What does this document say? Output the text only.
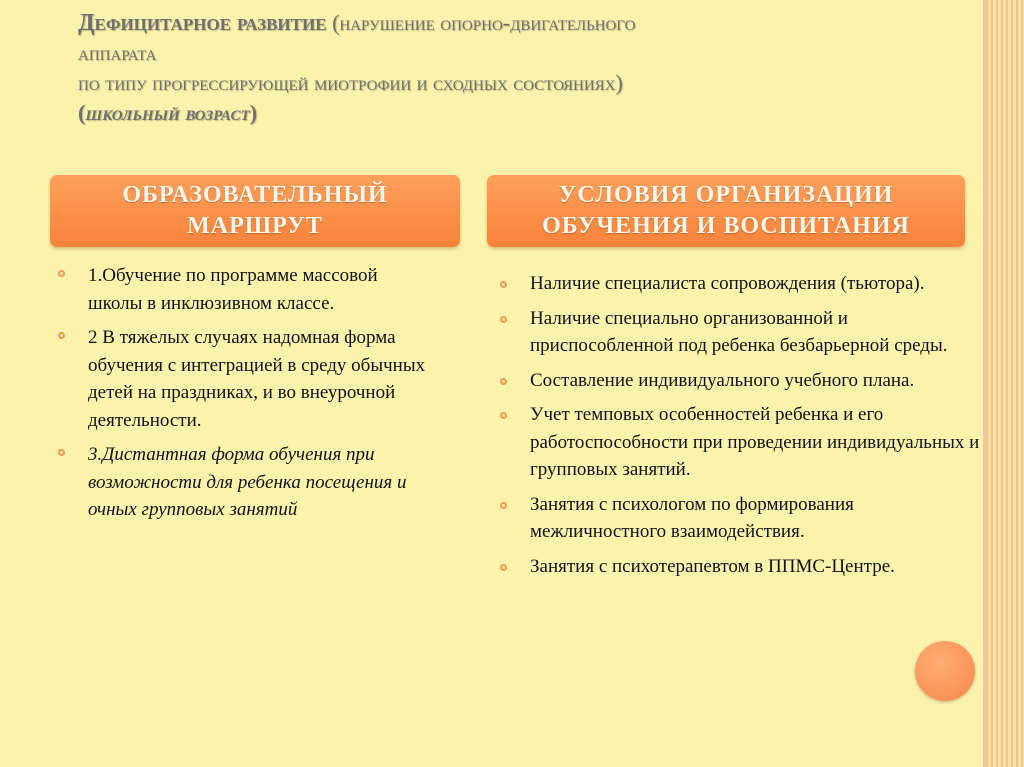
Дефицитарное развитие (нарушение опорно-двигательного
аппарата
по типу прогрессирующей миотрофии и сходных состояниях)
(школьный возраст)
ОБРАЗОВАТЕЛЬНЫЙ
МАРШРУТ
УСЛОВИЯ ОРГАНИЗАЦИИ
ОБУЧЕНИЯ И ВОСПИТАНИЯ
1.Обучение по программе массовой школы в инклюзивном классе.
2 В тяжелых случаях надомная форма обучения с интеграцией в среду обычных детей на праздниках, и во внеурочной деятельности.
3.Дистантная форма обучения при возможности для ребенка посещения и очных групповых занятий
Наличие специалиста сопровождения (тьютора).
Наличие специально организованной и приспособленной под ребенка безбарьерной среды.
Составление индивидуального учебного плана.
Учет темповых особенностей ребенка и его работоспособности при проведении индивидуальных и групповых занятий.
Занятия с психологом по формирования межличностного взаимодействия.
Занятия с психотерапевтом в ППМС-Центре.
